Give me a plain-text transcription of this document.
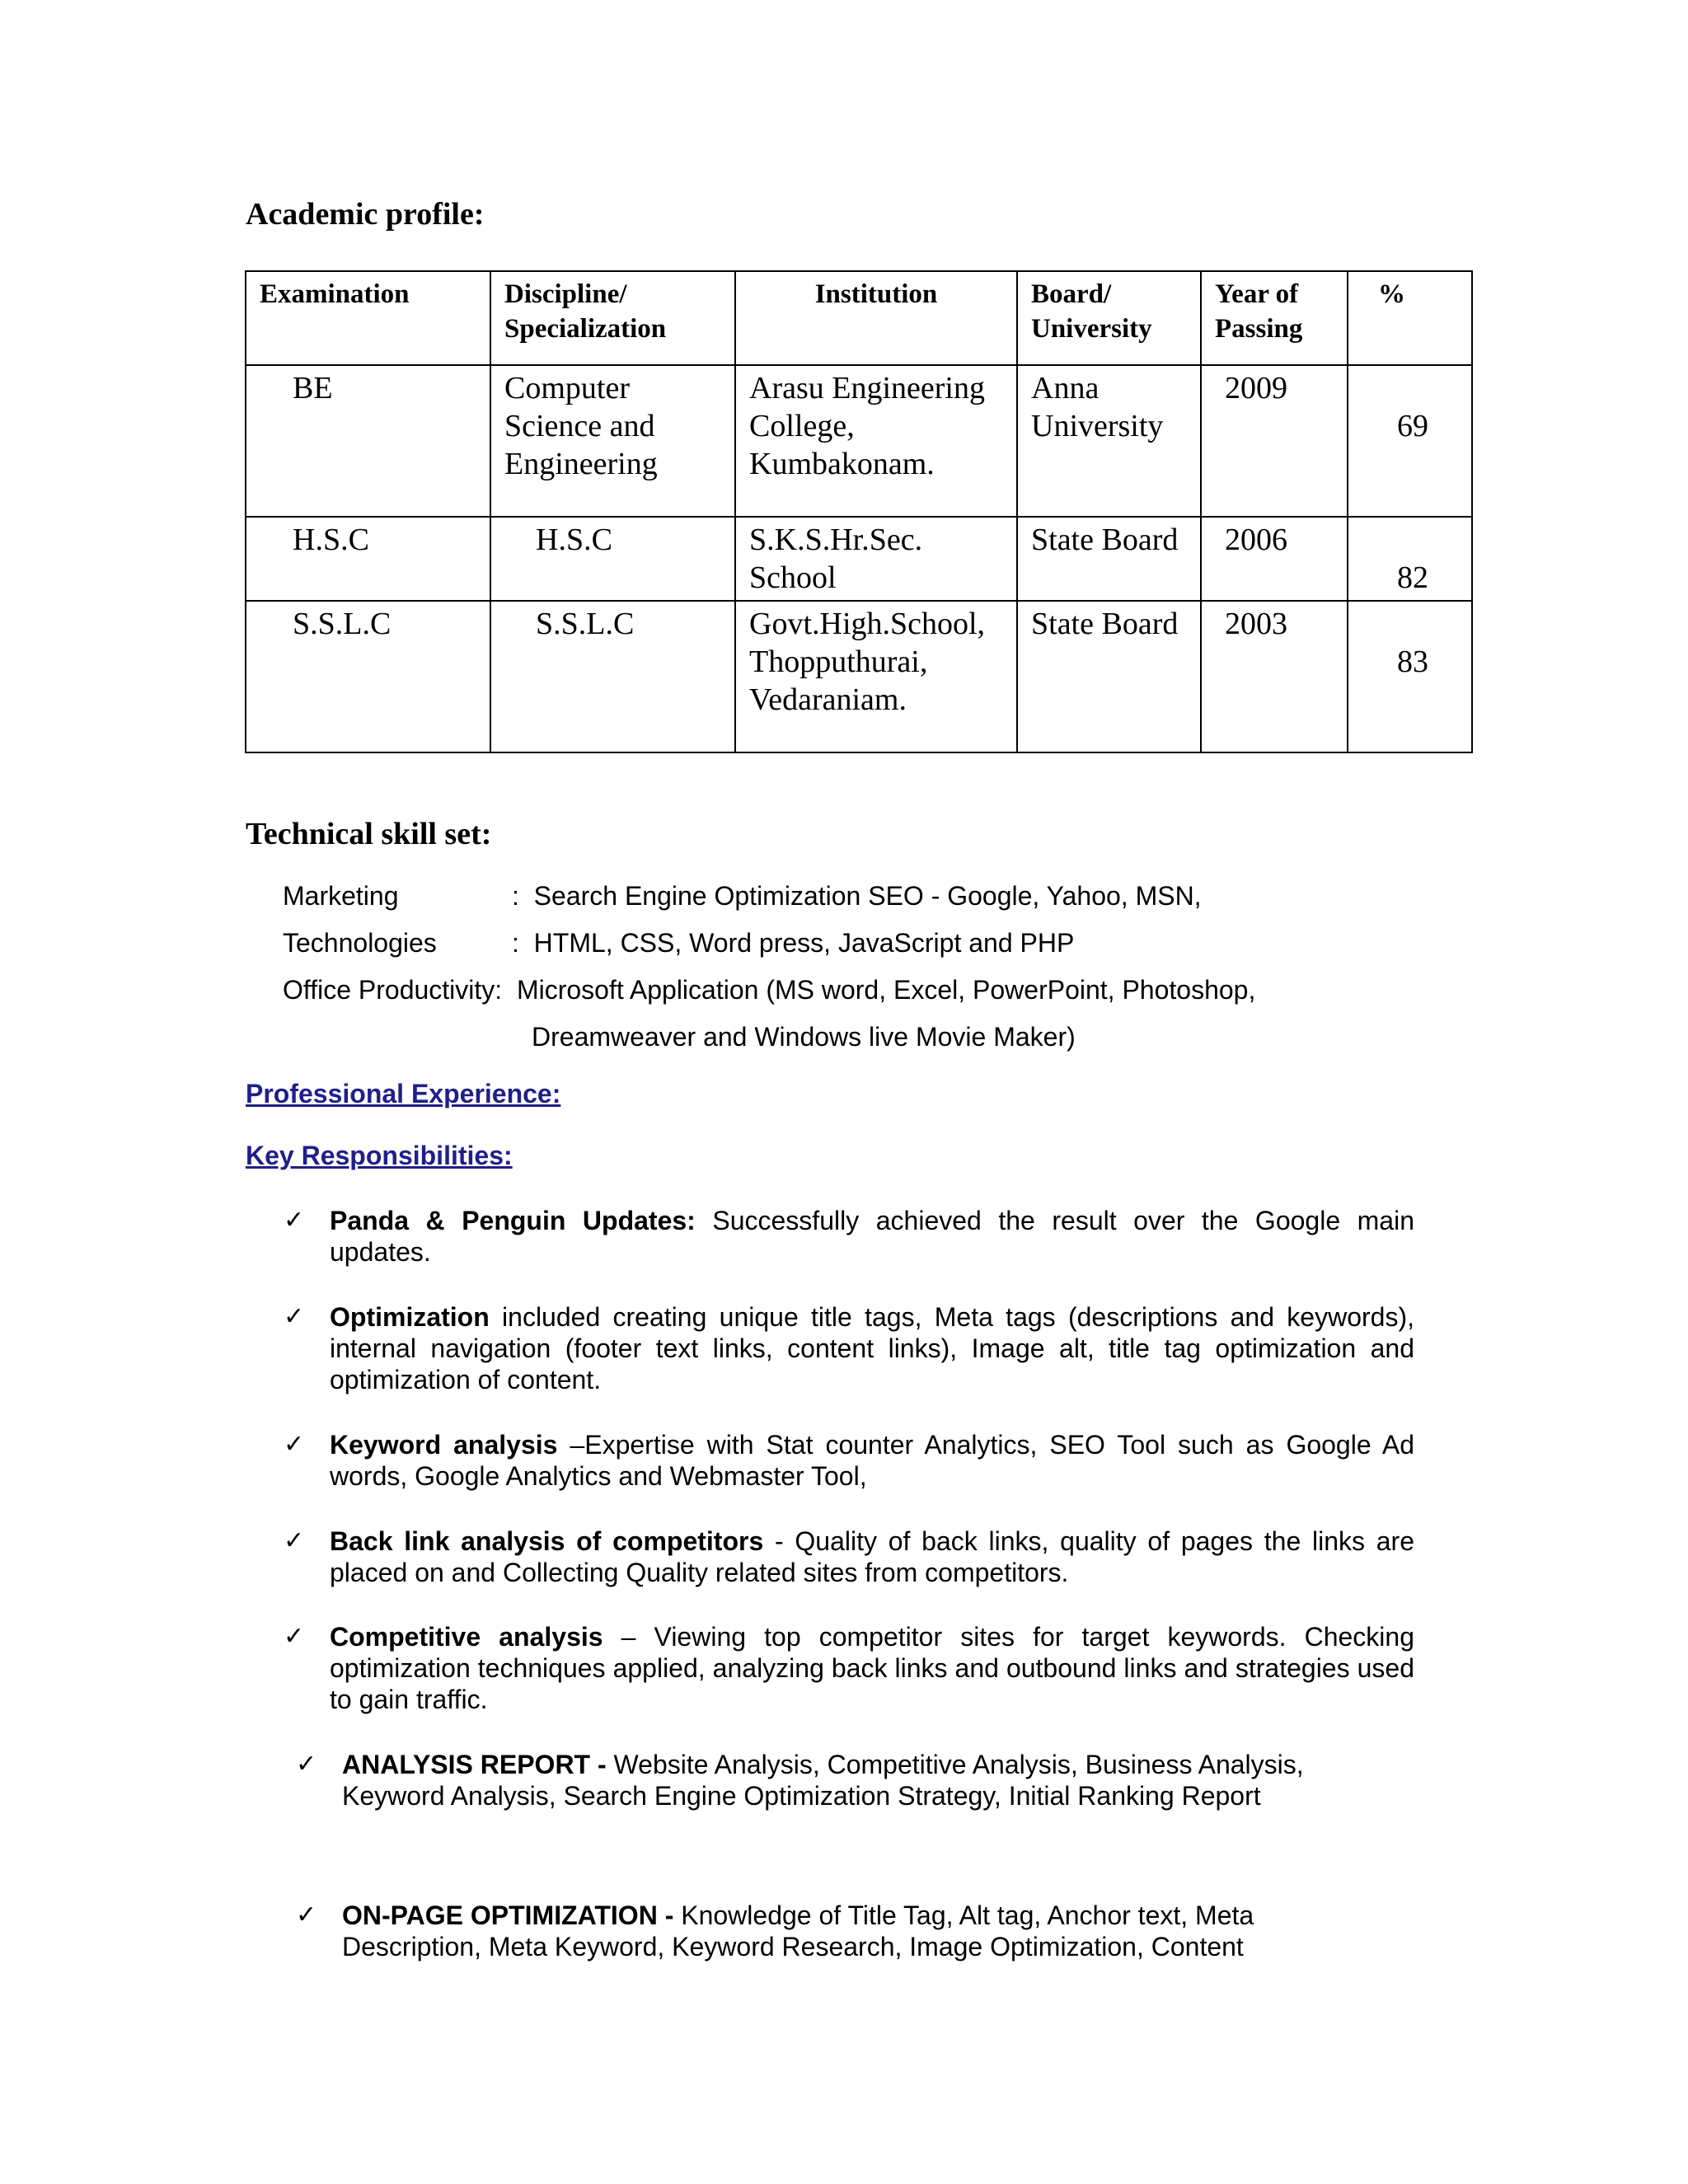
Academic profile:
Examination	Discipline/ Specialization	Institution	Board/ University	Year of Passing	%
BE	Computer Science and Engineering	Arasu Engineering College, Kumbakonam.	Anna University	2009	69

H.S.C	H.S.C	S.K.S.Hr.Sec. School	State Board	2006	82

S.S.L.C	S.S.L.C	Govt.High.School, Thopputhurai, Vedaraniam.	State Board	2003	83
Technical skill set:
Marketing	: Search Engine Optimization SEO - Google, Yahoo, MSN,
Technologies	: HTML, CSS, Word press, JavaScript and PHP
Office Productivity: Microsoft Application (MS word, Excel, PowerPoint, Photoshop,
Dreamweaver and Windows live Movie Maker)
Professional Experience:
Key Responsibilities:
✓ Panda & Penguin Updates: Successfully achieved the result over the Google main updates.
✓ Optimization included creating unique title tags, Meta tags (descriptions and keywords), internal navigation (footer text links, content links), Image alt, title tag optimization and optimization of content.
✓ Keyword analysis –Expertise with Stat counter Analytics, SEO Tool such as Google Ad words, Google Analytics and Webmaster Tool,
✓ Back link analysis of competitors - Quality of back links, quality of pages the links are placed on and Collecting Quality related sites from competitors.
✓ Competitive analysis – Viewing top competitor sites for target keywords. Checking optimization techniques applied, analyzing back links and outbound links and strategies used to gain traffic.
✓ ANALYSIS REPORT - Website Analysis, Competitive Analysis, Business Analysis, Keyword Analysis, Search Engine Optimization Strategy, Initial Ranking Report
✓ ON-PAGE OPTIMIZATION - Knowledge of Title Tag, Alt tag, Anchor text, Meta Description, Meta Keyword, Keyword Research, Image Optimization, Content
